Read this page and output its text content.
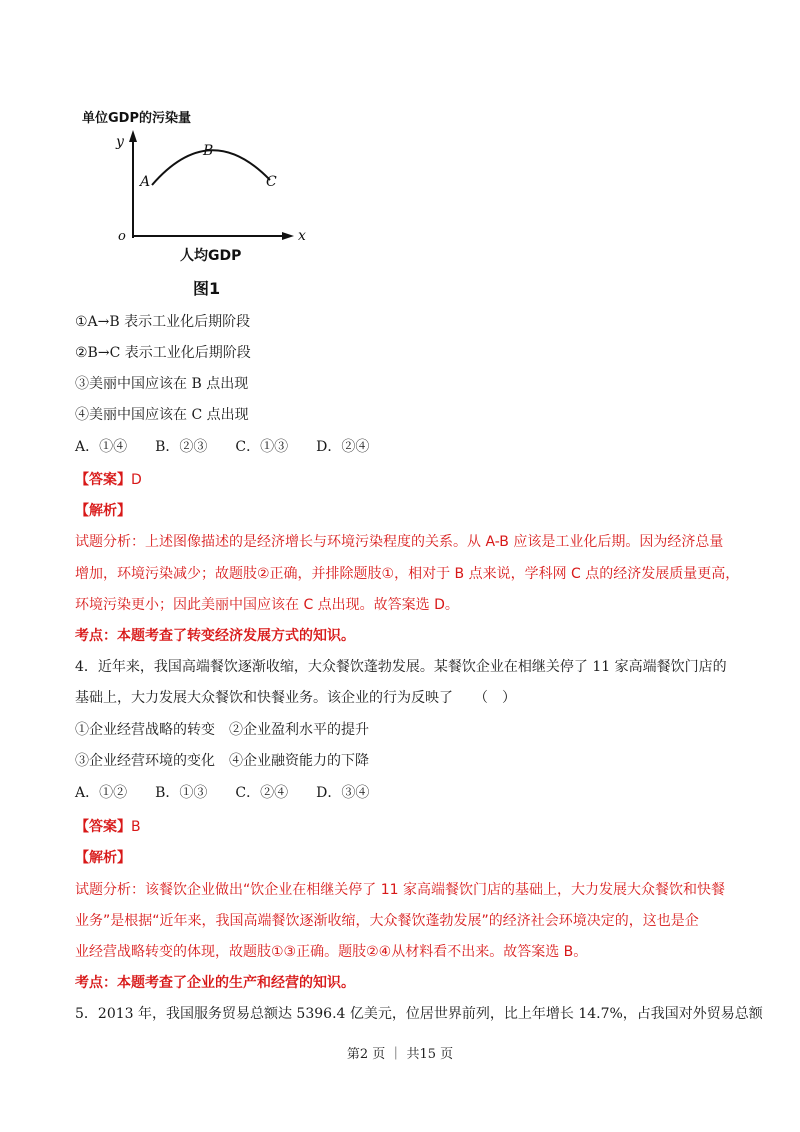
单位GDP的污染量
y
x
o
A
B
C
人均GDP
图1
①A→B 表示工业化后期阶段
②B→C 表示工业化后期阶段
③美丽中国应该在 B 点出现
④美丽中国应该在 C 点出现
A．①④　　B．②③　　C．①③　　D．②④
【答案】D
【解析】
试题分析：上述图像描述的是经济增长与环境污染程度的关系。从 A-B 应该是工业化后期。因为经济总量
增加，环境污染减少；故题肢②正确，并排除题肢①，相对于 B 点来说，学科网 C 点的经济发展质量更高，
环境污染更小；因此美丽中国应该在 C 点出现。故答案选 D。
考点：本题考查了转变经济发展方式的知识。
4．近年来，我国高端餐饮逐渐收缩，大众餐饮蓬勃发展。某餐饮企业在相继关停了 11 家高端餐饮门店的
基础上，大力发展大众餐饮和快餐业务。该企业的行为反映了　　（　）
①企业经营战略的转变　②企业盈利水平的提升
③企业经营环境的变化　④企业融资能力的下降
A．①②　　B．①③　　C．②④　　D．③④
【答案】B
【解析】
试题分析：该餐饮企业做出“饮企业在相继关停了 11 家高端餐饮门店的基础上，大力发展大众餐饮和快餐
业务”是根据“近年来，我国高端餐饮逐渐收缩，大众餐饮蓬勃发展”的经济社会环境决定的，这也是企
业经营战略转变的体现，故题肢①③正确。题肢②④从材料看不出来。故答案选 B。
考点：本题考查了企业的生产和经营的知识。
5．2013 年，我国服务贸易总额达 5396.4 亿美元，位居世界前列，比上年增长 14.7%，占我国对外贸易总额
第2 页 ｜ 共15 页
